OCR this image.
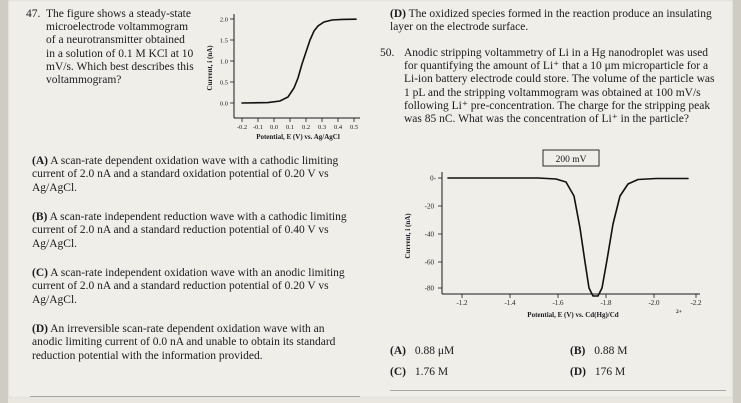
47. The figure shows a steady-state microelectrode voltammogram of a neurotransmitter obtained in a solution of 0.1 M KCl at 10 mV/s. Which best describes this voltammogram?
2.0
1.5
1.0
0.5
0.0
-0.2 -0.1 0.0 0.1 0.2 0.3 0.4 0.5
Current, i (nA)
Potential, E (V) vs. Ag/AgCl
(A) A scan-rate dependent oxidation wave with a cathodic limiting current of 2.0 nA and a standard oxidation potential of 0.20 V vs Ag/AgCl.
(B) A scan-rate independent reduction wave with a cathodic limiting current of 2.0 nA and a standard reduction potential of 0.40 V vs Ag/AgCl.
(C) A scan-rate independent oxidation wave with an anodic limiting current of 2.0 nA and a standard reduction potential of 0.20 V vs Ag/AgCl.
(D) An irreversible scan-rate dependent oxidation wave with an anodic limiting current of 0.0 nA and unable to obtain its standard reduction potential with the information provided.
(D) The oxidized species formed in the reaction produce an insulating layer on the electrode surface.
50. Anodic stripping voltammetry of Li in a Hg nanodroplet was used for quantifying the amount of Li⁺ that a 10 μm microparticle for a Li-ion battery electrode could store. The volume of the particle was 1 pL and the stripping voltammogram was obtained at 100 mV/s following Li⁺ pre-concentration. The charge for the stripping peak was 85 nC. What was the concentration of Li⁺ in the particle?
200 mV
0-
-20
-40
-60
-80
-1.2	-1.4	-1.6	-1.8	-2.0	-2.2
Current, i (nA)
Potential, E (V) vs. Cd(Hg)/Cd	2+
(A) 0.88 μM	(B) 0.88 M
(C) 1.76 M	(D) 176 M
